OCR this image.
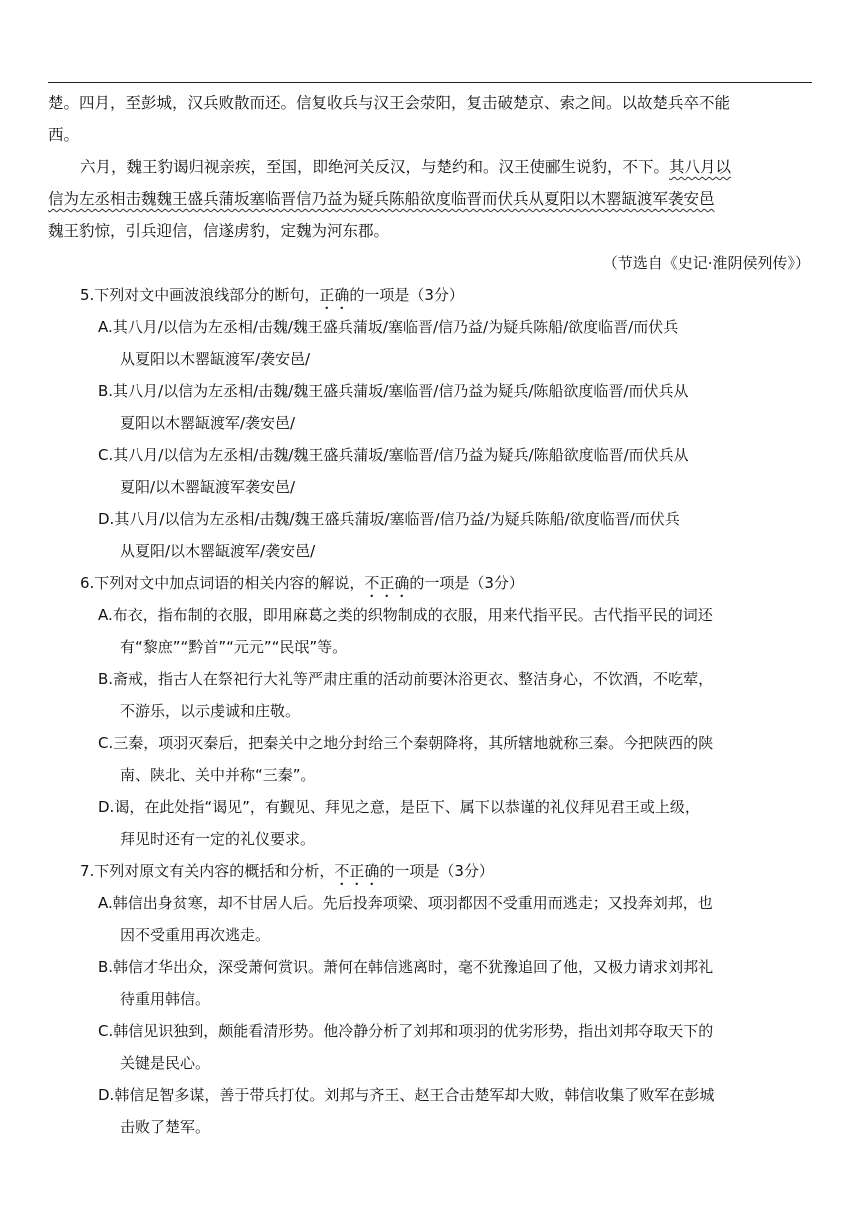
楚。四月，至彭城，汉兵败散而还。信复收兵与汉王会荥阳，复击破楚京、索之间。以故楚兵卒不能
西。
六月，魏王豹谒归视亲疾，至国，即绝河关反汉，与楚约和。汉王使郦生说豹，不下。其八月以
信为左丞相击魏魏王盛兵蒲坂塞临晋信乃益为疑兵陈船欲度临晋而伏兵从夏阳以木罂缻渡军袭安邑
魏王豹惊，引兵迎信，信遂虏豹，定魏为河东郡。
（节选自《史记·淮阴侯列传》）
5.下列对文中画波浪线部分的断句，正确的一项是（3分）
A.其八月/以信为左丞相/击魏/魏王盛兵蒲坂/塞临晋/信乃益/为疑兵陈船/欲度临晋/而伏兵
从夏阳以木罂缻渡军/袭安邑/
B.其八月/以信为左丞相/击魏/魏王盛兵蒲坂/塞临晋/信乃益为疑兵/陈船欲度临晋/而伏兵从
夏阳以木罂缻渡军/袭安邑/
C.其八月/以信为左丞相/击魏/魏王盛兵蒲坂/塞临晋/信乃益为疑兵/陈船欲度临晋/而伏兵从
夏阳/以木罂缻渡军袭安邑/
D.其八月/以信为左丞相/击魏/魏王盛兵蒲坂/塞临晋/信乃益/为疑兵陈船/欲度临晋/而伏兵
从夏阳/以木罂缻渡军/袭安邑/
6.下列对文中加点词语的相关内容的解说，不正确的一项是（3分）
A.布衣，指布制的衣服，即用麻葛之类的织物制成的衣服，用来代指平民。古代指平民的词还
有“黎庶”“黔首”“元元”“民氓”等。
B.斋戒，指古人在祭祀行大礼等严肃庄重的活动前要沐浴更衣、整洁身心，不饮酒，不吃荤，
不游乐，以示虔诚和庄敬。
C.三秦，项羽灭秦后，把秦关中之地分封给三个秦朝降将，其所辖地就称三秦。今把陕西的陕
南、陕北、关中并称“三秦”。
D.谒，在此处指“谒见”，有觐见、拜见之意，是臣下、属下以恭谨的礼仪拜见君王或上级，
拜见时还有一定的礼仪要求。
7.下列对原文有关内容的概括和分析，不正确的一项是（3分）
A.韩信出身贫寒，却不甘居人后。先后投奔项梁、项羽都因不受重用而逃走；又投奔刘邦，也
因不受重用再次逃走。
B.韩信才华出众，深受萧何赏识。萧何在韩信逃离时，毫不犹豫追回了他，又极力请求刘邦礼
待重用韩信。
C.韩信见识独到，颇能看清形势。他冷静分析了刘邦和项羽的优劣形势，指出刘邦夺取天下的
关键是民心。
D.韩信足智多谋，善于带兵打仗。刘邦与齐王、赵王合击楚军却大败，韩信收集了败军在彭城
击败了楚军。
